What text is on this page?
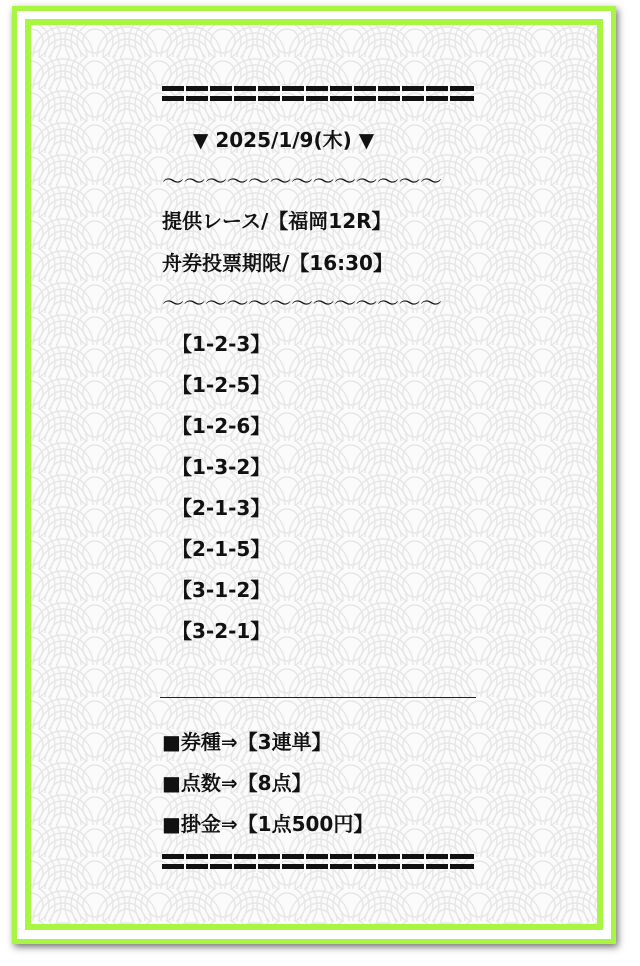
▼ 2025/1/9(木) ▼
〜〜〜〜〜〜〜〜〜〜〜〜〜
提供レース/【福岡12R】
舟券投票期限/【16:30】
〜〜〜〜〜〜〜〜〜〜〜〜〜
【1-2-3】
【1-2-5】
【1-2-6】
【1-3-2】
【2-1-3】
【2-1-5】
【3-1-2】
【3-2-1】
■券種⇒【3連単】
■点数⇒【8点】
■掛金⇒【1点500円】
